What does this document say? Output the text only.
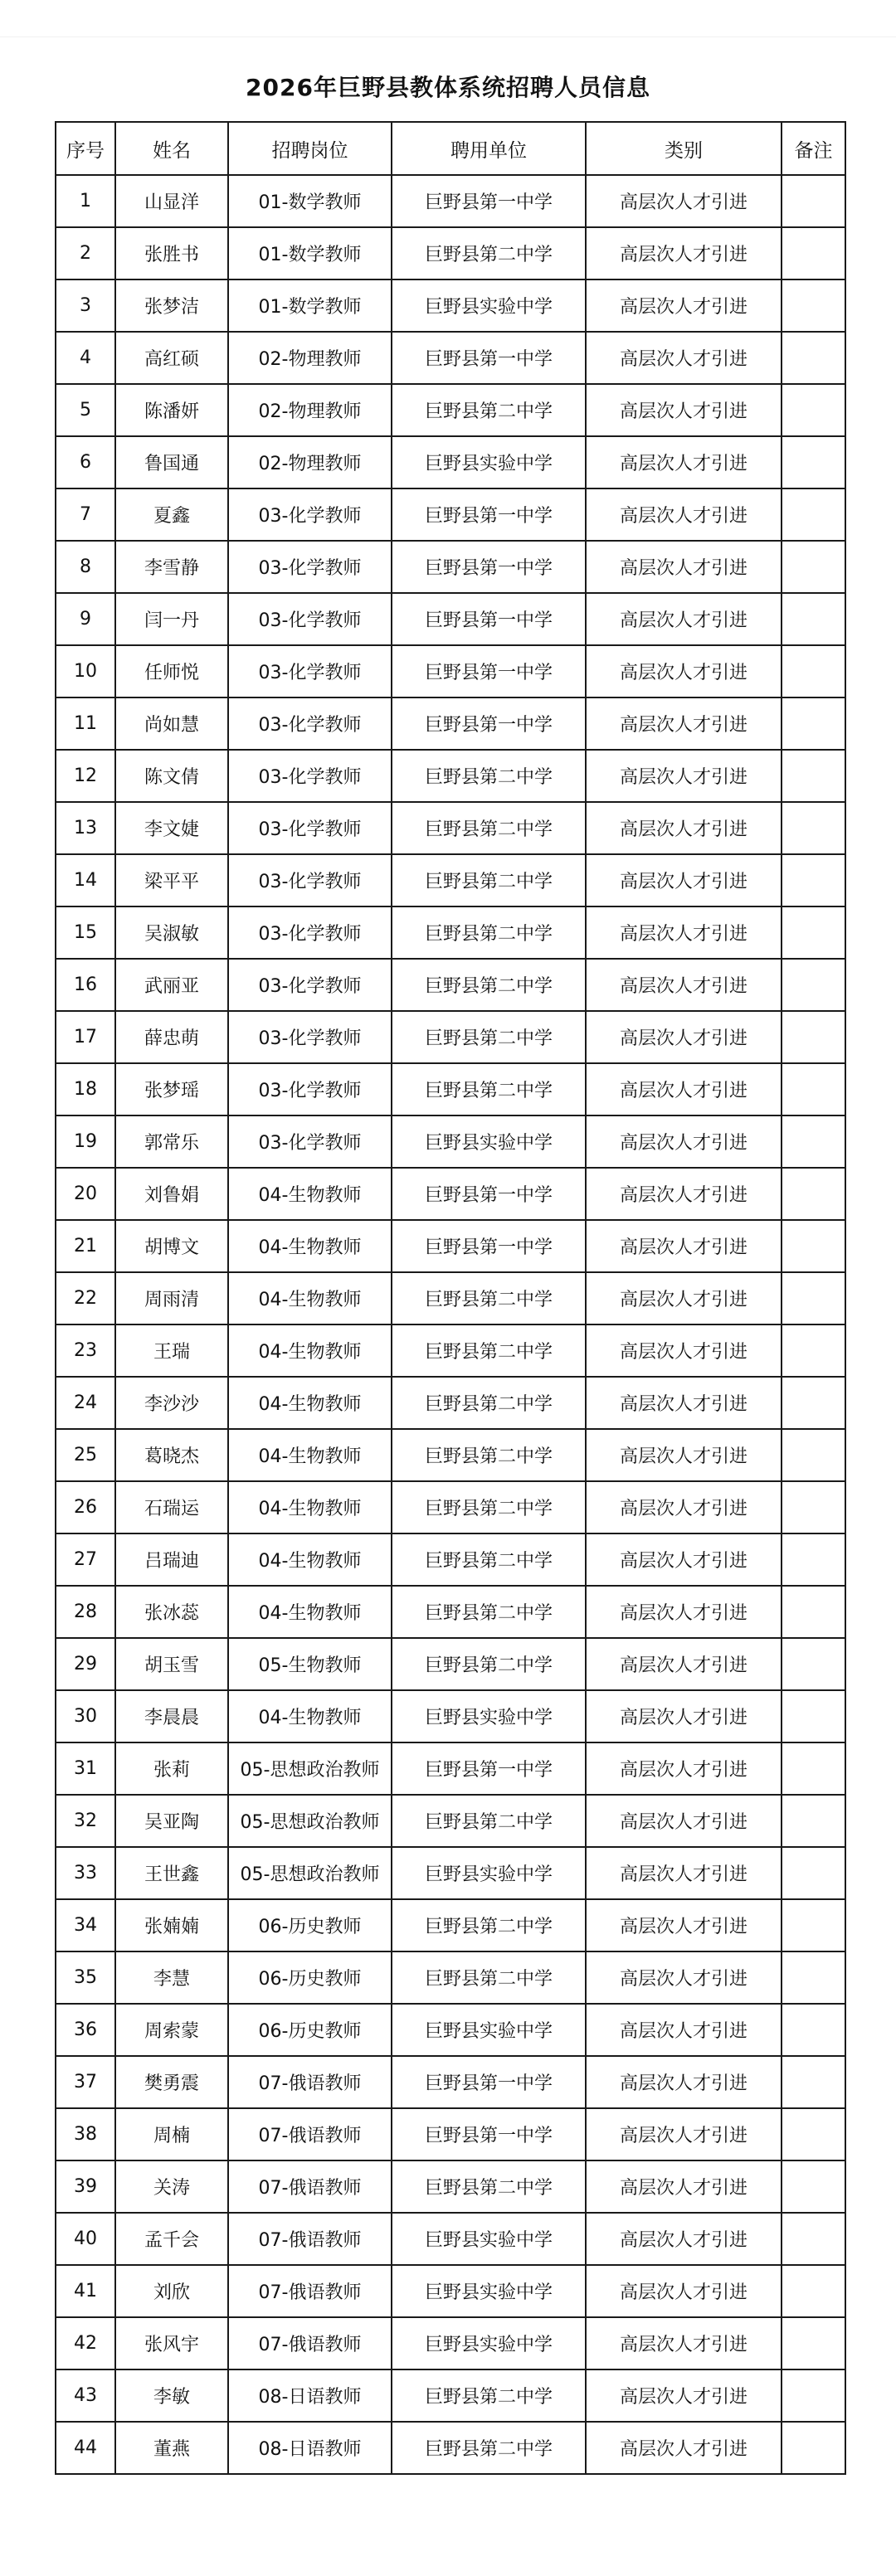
2026年巨野县教体系统招聘人员信息
序号	姓名	招聘岗位	聘用单位	类别	备注
1	山显洋	01-数学教师	巨野县第一中学	高层次人才引进	
2	张胜书	01-数学教师	巨野县第二中学	高层次人才引进	
3	张梦洁	01-数学教师	巨野县实验中学	高层次人才引进	
4	高红硕	02-物理教师	巨野县第一中学	高层次人才引进	
5	陈潘妍	02-物理教师	巨野县第二中学	高层次人才引进	
6	鲁国通	02-物理教师	巨野县实验中学	高层次人才引进	
7	夏鑫	03-化学教师	巨野县第一中学	高层次人才引进	
8	李雪静	03-化学教师	巨野县第一中学	高层次人才引进	
9	闫一丹	03-化学教师	巨野县第一中学	高层次人才引进	
10	任师悦	03-化学教师	巨野县第一中学	高层次人才引进	
11	尚如慧	03-化学教师	巨野县第一中学	高层次人才引进	
12	陈文倩	03-化学教师	巨野县第二中学	高层次人才引进	
13	李文婕	03-化学教师	巨野县第二中学	高层次人才引进	
14	梁平平	03-化学教师	巨野县第二中学	高层次人才引进	
15	吴淑敏	03-化学教师	巨野县第二中学	高层次人才引进	
16	武丽亚	03-化学教师	巨野县第二中学	高层次人才引进	
17	薛忠萌	03-化学教师	巨野县第二中学	高层次人才引进	
18	张梦瑶	03-化学教师	巨野县第二中学	高层次人才引进	
19	郭常乐	03-化学教师	巨野县实验中学	高层次人才引进	
20	刘鲁娟	04-生物教师	巨野县第一中学	高层次人才引进	
21	胡博文	04-生物教师	巨野县第一中学	高层次人才引进	
22	周雨清	04-生物教师	巨野县第二中学	高层次人才引进	
23	王瑞	04-生物教师	巨野县第二中学	高层次人才引进	
24	李沙沙	04-生物教师	巨野县第二中学	高层次人才引进	
25	葛晓杰	04-生物教师	巨野县第二中学	高层次人才引进	
26	石瑞运	04-生物教师	巨野县第二中学	高层次人才引进	
27	吕瑞迪	04-生物教师	巨野县第二中学	高层次人才引进	
28	张冰蕊	04-生物教师	巨野县第二中学	高层次人才引进	
29	胡玉雪	05-生物教师	巨野县第二中学	高层次人才引进	
30	李晨晨	04-生物教师	巨野县实验中学	高层次人才引进	
31	张莉	05-思想政治教师	巨野县第一中学	高层次人才引进	
32	吴亚陶	05-思想政治教师	巨野县第二中学	高层次人才引进	
33	王世鑫	05-思想政治教师	巨野县实验中学	高层次人才引进	
34	张婻婻	06-历史教师	巨野县第二中学	高层次人才引进	
35	李慧	06-历史教师	巨野县第二中学	高层次人才引进	
36	周索蒙	06-历史教师	巨野县实验中学	高层次人才引进	
37	樊勇震	07-俄语教师	巨野县第一中学	高层次人才引进	
38	周楠	07-俄语教师	巨野县第一中学	高层次人才引进	
39	关涛	07-俄语教师	巨野县第二中学	高层次人才引进	
40	孟千会	07-俄语教师	巨野县实验中学	高层次人才引进	
41	刘欣	07-俄语教师	巨野县实验中学	高层次人才引进	
42	张风宇	07-俄语教师	巨野县实验中学	高层次人才引进	
43	李敏	08-日语教师	巨野县第二中学	高层次人才引进	
44	董燕	08-日语教师	巨野县第二中学	高层次人才引进	
